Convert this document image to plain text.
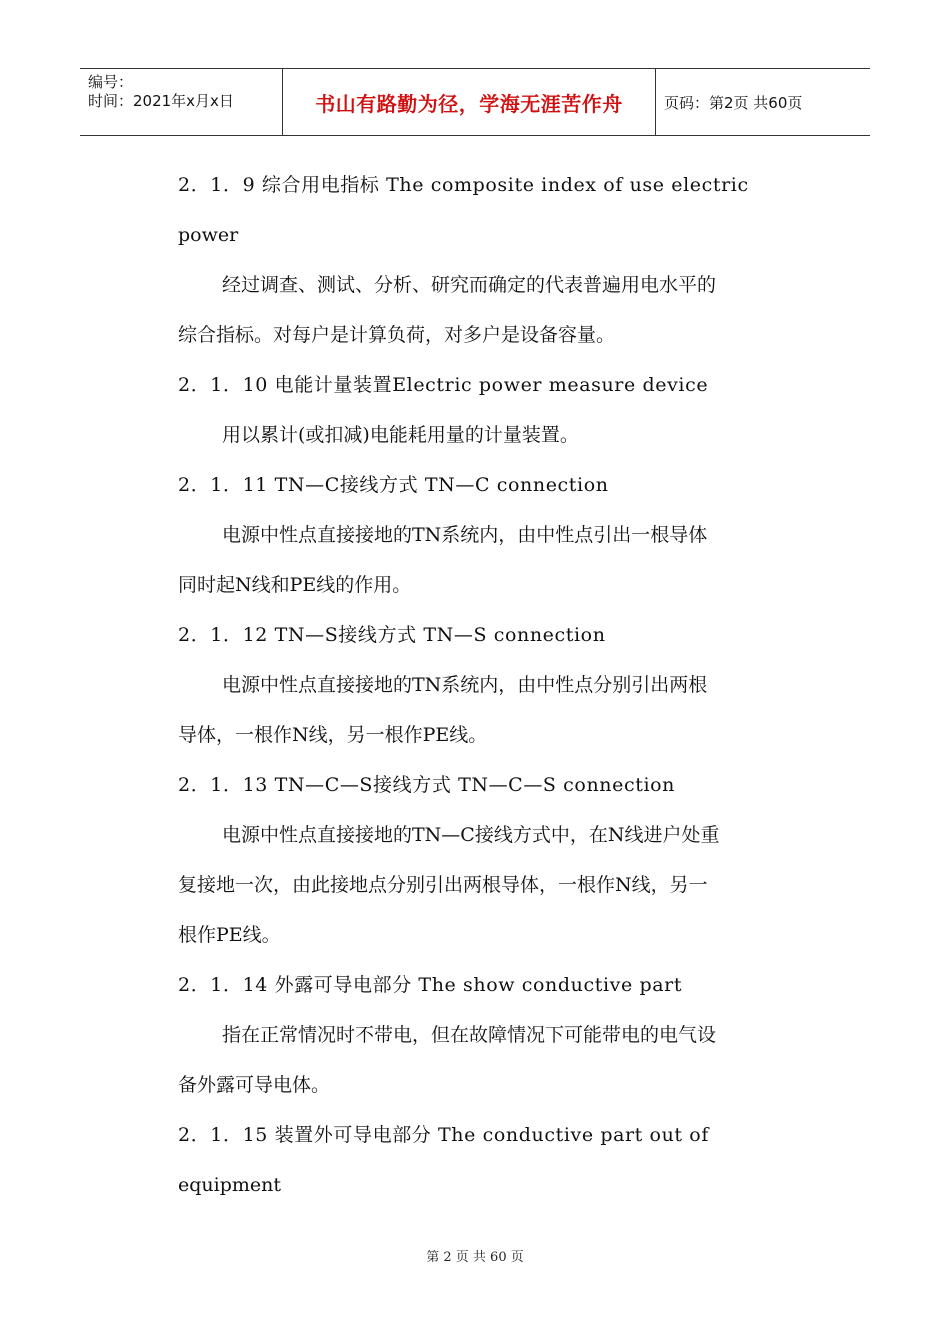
编号：
时间：2021年x月x日	书山有路勤为径，学海无涯苦作舟	页码：第2页 共60页
2．1．9 综合用电指标 The composite index of use electric
power
经过调查、测试、分析、研究而确定的代表普遍用电水平的
综合指标。对每户是计算负荷，对多户是设备容量。
2．1．10 电能计量装置Electric power measure device
用以累计(或扣减)电能耗用量的计量装置。
2．1．11 TN—C接线方式 TN—C connection
电源中性点直接接地的TN系统内，由中性点引出一根导体
同时起N线和PE线的作用。
2．1．12 TN—S接线方式 TN—S connection
电源中性点直接接地的TN系统内，由中性点分别引出两根
导体，一根作N线，另一根作PE线。
2．1．13 TN—C—S接线方式 TN—C—S connection
电源中性点直接接地的TN—C接线方式中，在N线进户处重
复接地一次，由此接地点分别引出两根导体，一根作N线，另一
根作PE线。
2．1．14 外露可导电部分 The show conductive part
指在正常情况时不带电，但在故障情况下可能带电的电气设
备外露可导电体。
2．1．15 装置外可导电部分 The conductive part out of
equipment
第 2 页 共 60 页
